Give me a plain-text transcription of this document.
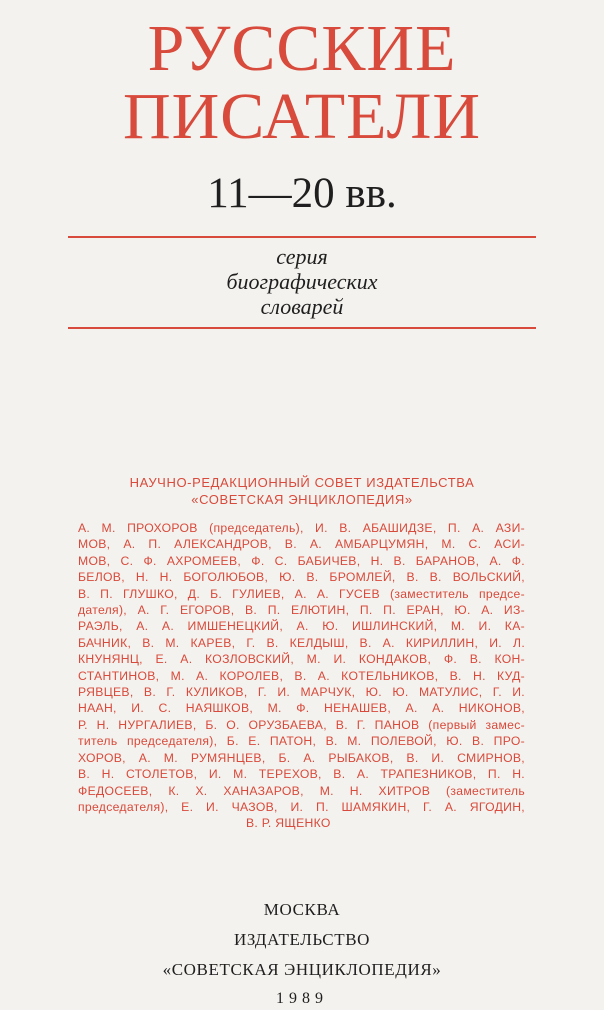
РУССКИЕ
ПИСАТЕЛИ
11—20 вв.
серия
биографических
словарей
НАУЧНО-РЕДАКЦИОННЫЙ СОВЕТ ИЗДАТЕЛЬСТВА
«СОВЕТСКАЯ ЭНЦИКЛОПЕДИЯ»
А. М. ПРОХОРОВ (председатель), И. В. АБАШИДЗЕ, П. А. АЗИ-
МОВ, А. П. АЛЕКСАНДРОВ, В. А. АМБАРЦУМЯН, М. С. АСИ-
МОВ, С. Ф. АХРОМЕЕВ, Ф. С. БАБИЧЕВ, Н. В. БАРАНОВ, А. Ф.
БЕЛОВ, Н. Н. БОГОЛЮБОВ, Ю. В. БРОМЛЕЙ, В. В. ВОЛЬСКИЙ,
В. П. ГЛУШКО, Д. Б. ГУЛИЕВ, А. А. ГУСЕВ (заместитель предсе-
дателя), А. Г. ЕГОРОВ, В. П. ЕЛЮТИН, П. П. ЕРАН, Ю. А. ИЗ-
РАЭЛЬ, А. А. ИМШЕНЕЦКИЙ, А. Ю. ИШЛИНСКИЙ, М. И. КА-
БАЧНИК, В. М. КАРЕВ, Г. В. КЕЛДЫШ, В. А. КИРИЛЛИН, И. Л.
КНУНЯНЦ, Е. А. КОЗЛОВСКИЙ, М. И. КОНДАКОВ, Ф. В. КОН-
СТАНТИНОВ, М. А. КОРОЛЕВ, В. А. КОТЕЛЬНИКОВ, В. Н. КУД-
РЯВЦЕВ, В. Г. КУЛИКОВ, Г. И. МАРЧУК, Ю. Ю. МАТУЛИС, Г. И.
НААН, И. С. НАЯШКОВ, М. Ф. НЕНАШЕВ, А. А. НИКОНОВ,
Р. Н. НУРГАЛИЕВ, Б. О. ОРУЗБАЕВА, В. Г. ПАНОВ (первый замес-
титель председателя), Б. Е. ПАТОН, В. М. ПОЛЕВОЙ, Ю. В. ПРО-
ХОРОВ, А. М. РУМЯНЦЕВ, Б. А. РЫБАКОВ, В. И. СМИРНОВ,
В. Н. СТОЛЕТОВ, И. М. ТЕРЕХОВ, В. А. ТРАПЕЗНИКОВ, П. Н.
ФЕДОСЕЕВ, К. Х. ХАНАЗАРОВ, М. Н. ХИТРОВ (заместитель
председателя), Е. И. ЧАЗОВ, И. П. ШАМЯКИН, Г. А. ЯГОДИН,
В. Р. ЯЩЕНКО
МОСКВА
ИЗДАТЕЛЬСТВО
«СОВЕТСКАЯ ЭНЦИКЛОПЕДИЯ»
1989
